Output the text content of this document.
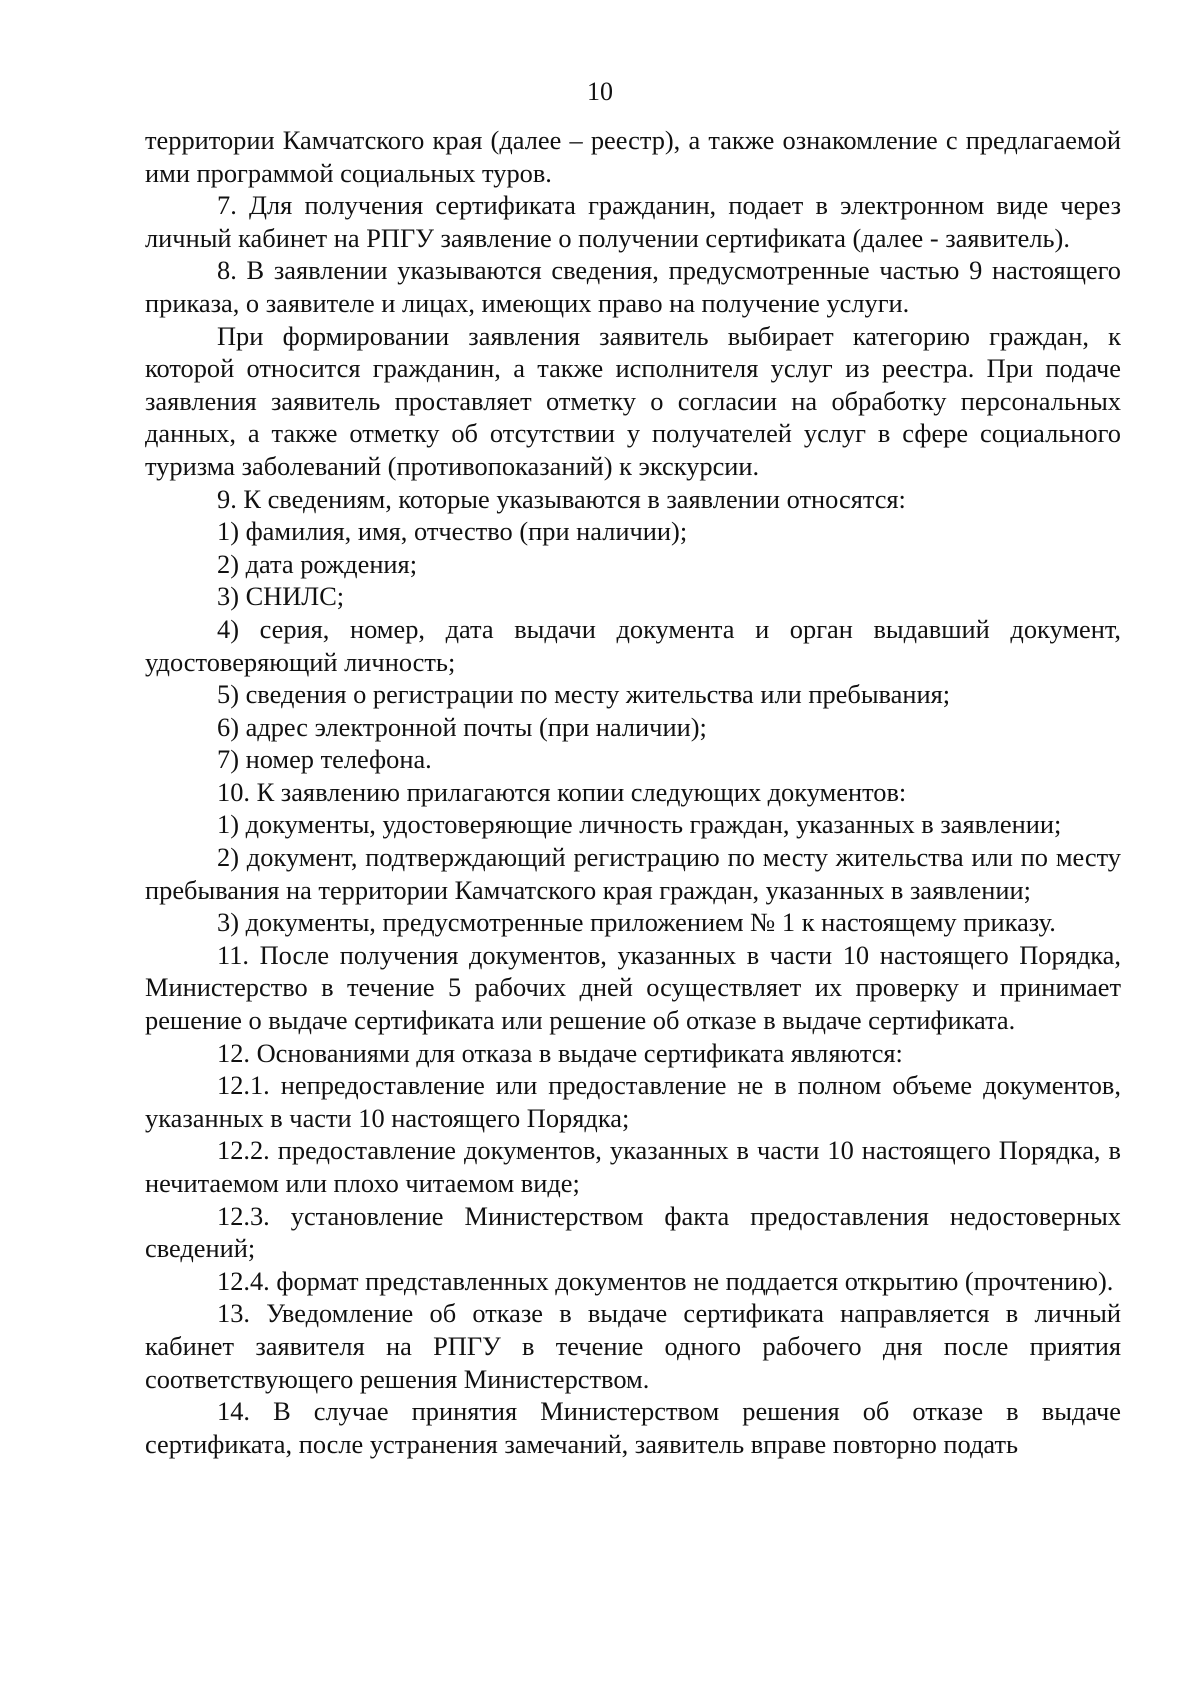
10

территории Камчатского края (далее – реестр), а также ознакомление с предлагаемой ими программой социальных туров.

7. Для получения сертификата гражданин, подает в электронном виде через личный кабинет на РПГУ заявление о получении сертификата (далее - заявитель).

8. В заявлении указываются сведения, предусмотренные частью 9 настоящего приказа, о заявителе и лицах, имеющих право на получение услуги.

При формировании заявления заявитель выбирает категорию граждан, к которой относится гражданин, а также исполнителя услуг из реестра. При подаче заявления заявитель проставляет отметку о согласии на обработку персональных данных, а также отметку об отсутствии у получателей услуг в сфере социального туризма заболеваний (противопоказаний) к экскурсии.

9. К сведениям, которые указываются в заявлении относятся:

1) фамилия, имя, отчество (при наличии);

2) дата рождения;

3) СНИЛС;

4) серия, номер, дата выдачи документа и орган выдавший документ, удостоверяющий личность;

5) сведения о регистрации по месту жительства или пребывания;

6) адрес электронной почты (при наличии);

7) номер телефона.

10. К заявлению прилагаются копии следующих документов:

1) документы, удостоверяющие личность граждан, указанных в заявлении;

2) документ, подтверждающий регистрацию по месту жительства или по месту пребывания на территории Камчатского края граждан, указанных в заявлении;

3) документы, предусмотренные приложением № 1 к настоящему приказу.

11. После получения документов, указанных в части 10 настоящего Порядка, Министерство в течение 5 рабочих дней осуществляет их проверку и принимает решение о выдаче сертификата или решение об отказе в выдаче сертификата.

12. Основаниями для отказа в выдаче сертификата являются:

12.1. непредоставление или предоставление не в полном объеме документов, указанных в части 10 настоящего Порядка;

12.2. предоставление документов, указанных в части 10 настоящего Порядка, в нечитаемом или плохо читаемом виде;

12.3. установление Министерством факта предоставления недостоверных сведений;

12.4. формат представленных документов не поддается открытию (прочтению).

13. Уведомление об отказе в выдаче сертификата направляется в личный кабинет заявителя на РПГУ в течение одного рабочего дня после приятия соответствующего решения Министерством.

14. В случае принятия Министерством решения об отказе в выдаче сертификата, после устранения замечаний, заявитель вправе повторно подать
